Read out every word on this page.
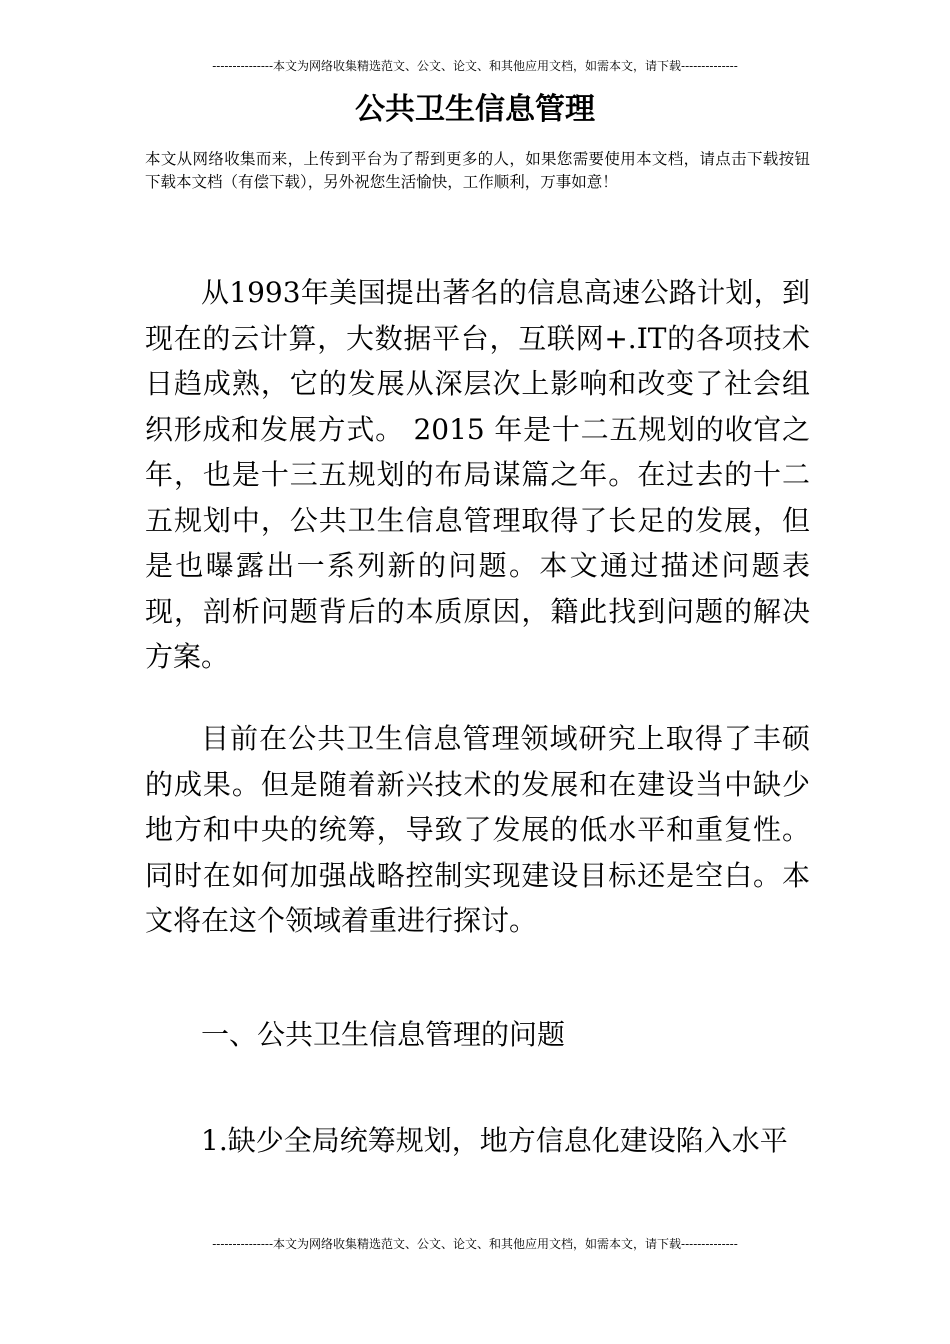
---------------本文为网络收集精选范文、公文、论文、和其他应用文档，如需本文，请下载--------------
公共卫生信息管理

本文从网络收集而来，上传到平台为了帮到更多的人，如果您需要使用本文档，请点击下载按钮下载本文档（有偿下载），另外祝您生活愉快，工作顺利，万事如意！

从1993年美国提出著名的信息高速公路计划，到现在的云计算，大数据平台，互联网+.IT的各项技术日趋成熟，它的发展从深层次上影响和改变了社会组织形成和发展方式。 2015 年是十二五规划的收官之年，也是十三五规划的布局谋篇之年。在过去的十二五规划中，公共卫生信息管理取得了长足的发展，但是也曝露出一系列新的问题。本文通过描述问题表现，剖析问题背后的本质原因，籍此找到问题的解决方案。

目前在公共卫生信息管理领域研究上取得了丰硕的成果。但是随着新兴技术的发展和在建设当中缺少地方和中央的统筹，导致了发展的低水平和重复性。同时在如何加强战略控制实现建设目标还是空白。本文将在这个领域着重进行探讨。

一、公共卫生信息管理的问题

1.缺少全局统筹规划，地方信息化建设陷入水平

---------------本文为网络收集精选范文、公文、论文、和其他应用文档，如需本文，请下载--------------
